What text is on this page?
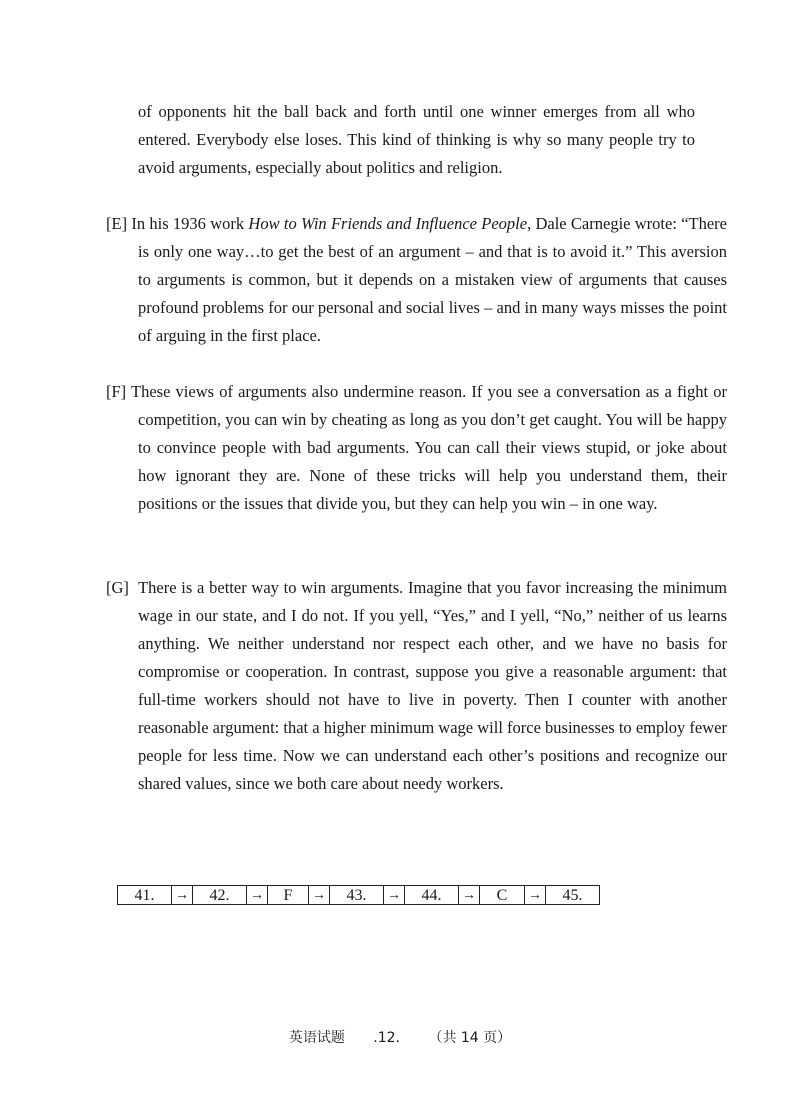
of opponents hit the ball back and forth until one winner emerges from all who entered. Everybody else loses. This kind of thinking is why so many people try to avoid arguments, especially about politics and religion.

[E] In his 1936 work How to Win Friends and Influence People, Dale Carnegie wrote: “There is only one way…to get the best of an argument – and that is to avoid it.” This aversion to arguments is common, but it depends on a mistaken view of arguments that causes profound problems for our personal and social lives – and in many ways misses the point of arguing in the first place.

[F] These views of arguments also undermine reason. If you see a conversation as a fight or competition, you can win by cheating as long as you don’t get caught. You will be happy to convince people with bad arguments. You can call their views stupid, or joke about how ignorant they are. None of these tricks will help you understand them, their positions or the issues that divide you, but they can help you win – in one way.

[G]  There is a better way to win arguments. Imagine that you favor increasing the minimum wage in our state, and I do not. If you yell, “Yes,” and I yell, “No,” neither of us learns anything. We neither understand nor respect each other, and we have no basis for compromise or cooperation. In contrast, suppose you give a reasonable argument: that full-time workers should not have to live in poverty. Then I counter with another reasonable argument: that a higher minimum wage will force businesses to employ fewer people for less time. Now we can understand each other’s positions and recognize our shared values, since we both care about needy workers.

41.	→	42.	→	F	→	43.	→	44.	→	C	→	45.
英语试题 .12. （共 14 页）
